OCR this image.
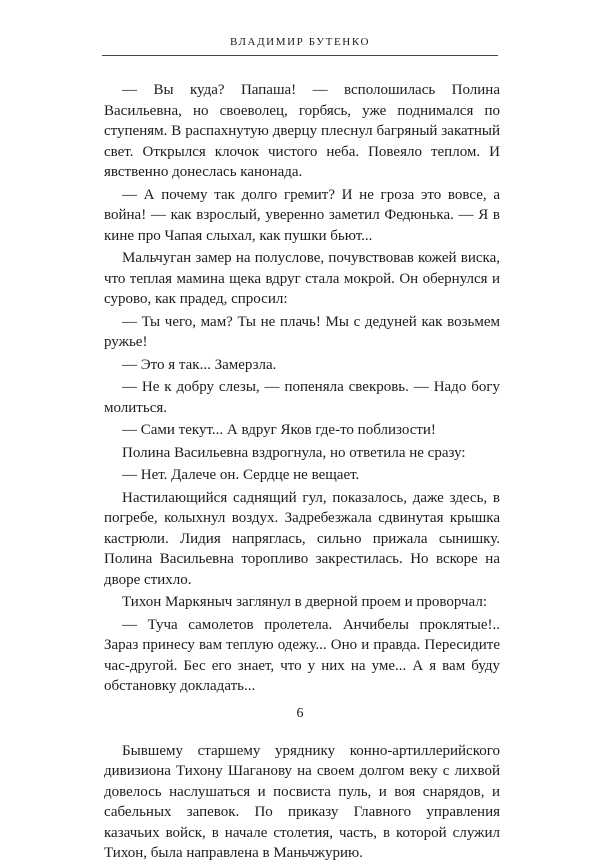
ВЛАДИМИР БУТЕНКО

— Вы куда? Папаша! — всполошилась Полина Васильевна, но своеволец, горбясь, уже поднимался по ступеням. В распахнутую дверцу плеснул багряный закатный свет. Открылся клочок чистого неба. Повеяло теплом. И явственно донеслась канонада.

— А почему так долго гремит? И не гроза это вовсе, а война! — как взрослый, уверенно заметил Федюнька. — Я в кине про Чапая слыхал, как пушки бьют...

Мальчуган замер на полуслове, почувствовав кожей виска, что теплая мамина щека вдруг стала мокрой. Он обернулся и сурово, как прадед, спросил:

— Ты чего, мам? Ты не плачь! Мы с дедуней как возьмем ружье!

— Это я так... Замерзла.

— Не к добру слезы, — попеняла свекровь. — Надо богу молиться.

— Сами текут... А вдруг Яков где-то поблизости!

Полина Васильевна вздрогнула, но ответила не сразу:

— Нет. Далече он. Сердце не вещает.

Настилающийся саднящий гул, показалось, даже здесь, в погребе, колыхнул воздух. Задребезжала сдвинутая крышка кастрюли. Лидия напряглась, сильно прижала сынишку. Полина Васильевна торопливо закрестилась. Но вскоре на дворе стихло.

Тихон Маркяныч заглянул в дверной проем и проворчал:

— Туча самолетов пролетела. Анчибелы проклятые!.. Зараз принесу вам теплую одежу... Оно и правда. Пересидите час-другой. Бес его знает, что у них на уме... А я вам буду обстановку докладать...

Бывшему старшему уряднику конно-артиллерийского дивизиона Тихону Шаганову на своем долгом веку с лихвой довелось наслушаться и посвиста пуль, и воя снарядов, и сабельных запевок. По приказу Главного управления казачьих войск, в начале столетия, часть, в которой служил Тихон, была направлена в Маньчжурию.

6
